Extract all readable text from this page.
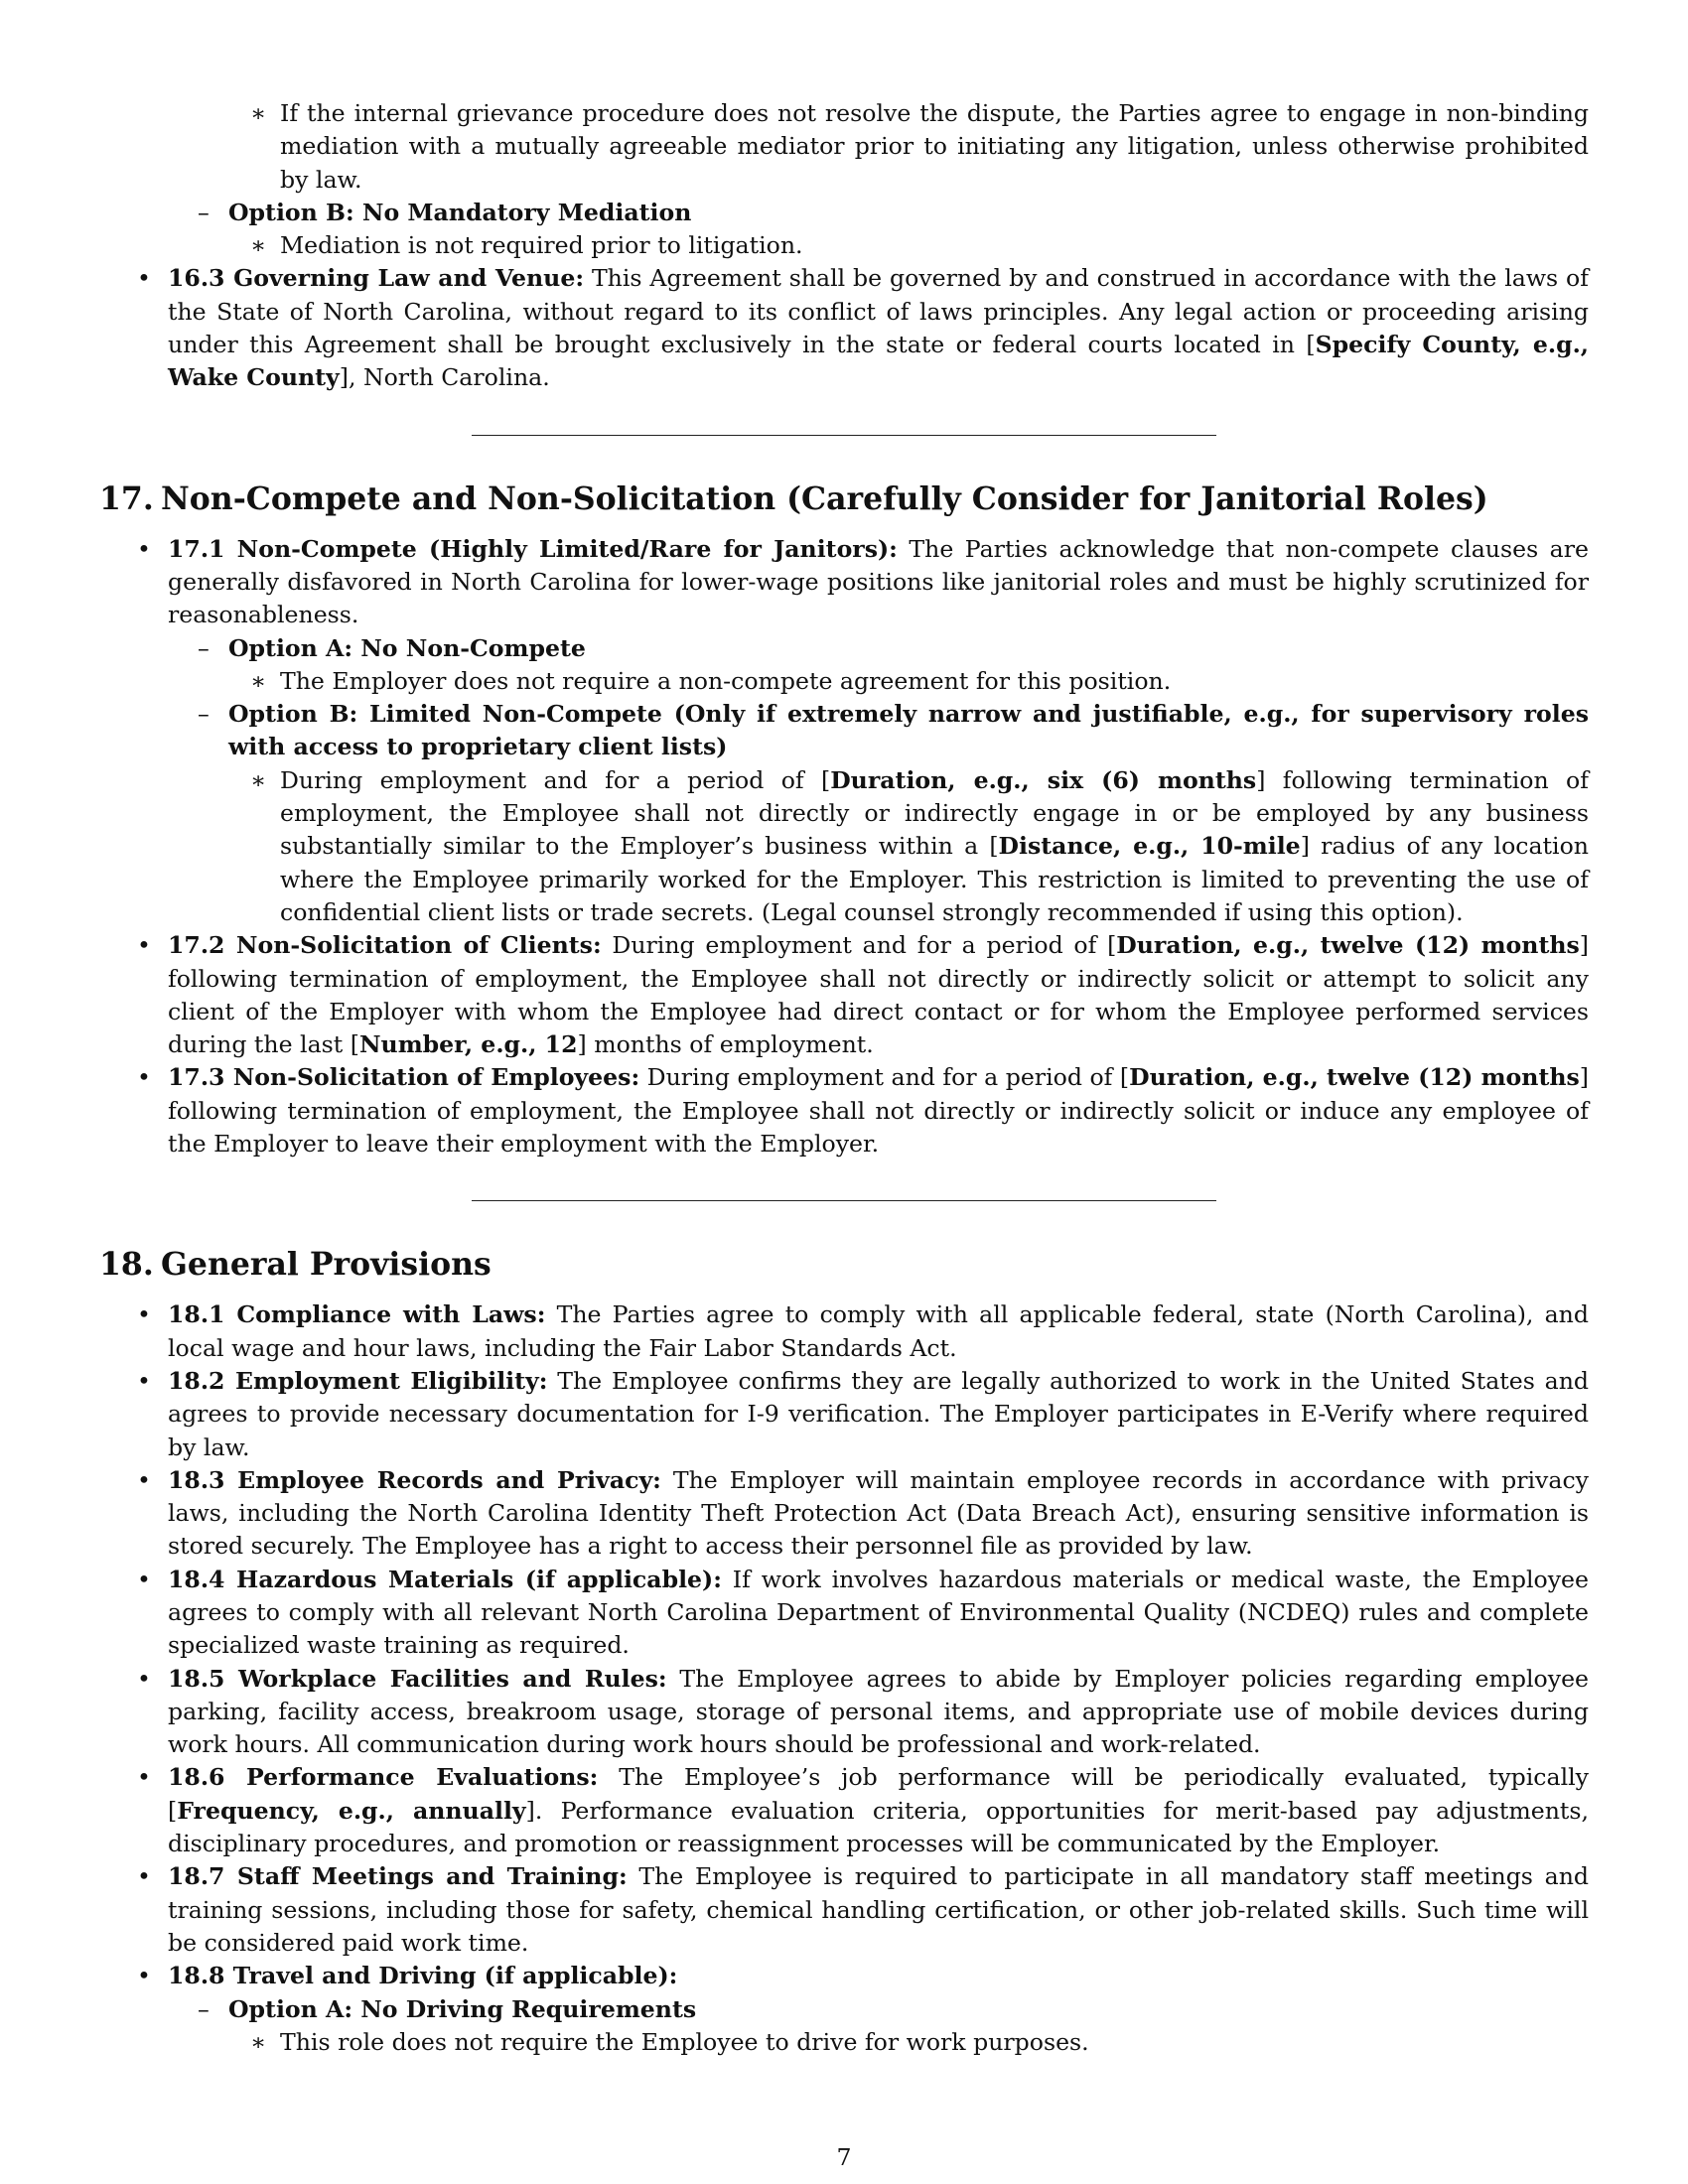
∗ If the internal grievance procedure does not resolve the dispute, the Parties agree to engage in non-binding mediation with a mutually agreeable mediator prior to initiating any litigation, unless otherwise prohibited by law.
– Option B: No Mandatory Mediation
∗ Mediation is not required prior to litigation.
• 16.3 Governing Law and Venue: This Agreement shall be governed by and construed in accordance with the laws of the State of North Carolina, without regard to its conflict of laws principles. Any legal action or proceeding arising under this Agreement shall be brought exclusively in the state or federal courts located in [Specify County, e.g., Wake County], North Carolina.
17. Non-Compete and Non-Solicitation (Carefully Consider for Janitorial Roles)
• 17.1 Non-Compete (Highly Limited/Rare for Janitors): The Parties acknowledge that non-compete clauses are generally disfavored in North Carolina for lower-wage positions like janitorial roles and must be highly scrutinized for reasonableness.
– Option A: No Non-Compete
∗ The Employer does not require a non-compete agreement for this position.
– Option B: Limited Non-Compete (Only if extremely narrow and justifiable, e.g., for supervisory roles with access to proprietary client lists)
∗ During employment and for a period of [Duration, e.g., six (6) months] following termination of employment, the Employee shall not directly or indirectly engage in or be employed by any business substantially similar to the Employer’s business within a [Distance, e.g., 10-mile] radius of any location where the Employee primarily worked for the Employer. This restriction is limited to preventing the use of confidential client lists or trade secrets. (Legal counsel strongly recommended if using this option).
• 17.2 Non-Solicitation of Clients: During employment and for a period of [Duration, e.g., twelve (12) months] following termination of employment, the Employee shall not directly or indirectly solicit or attempt to solicit any client of the Employer with whom the Employee had direct contact or for whom the Employee performed services during the last [Number, e.g., 12] months of employment.
• 17.3 Non-Solicitation of Employees: During employment and for a period of [Duration, e.g., twelve (12) months] following termination of employment, the Employee shall not directly or indirectly solicit or induce any employee of the Employer to leave their employment with the Employer.
18. General Provisions
• 18.1 Compliance with Laws: The Parties agree to comply with all applicable federal, state (North Carolina), and local wage and hour laws, including the Fair Labor Standards Act.
• 18.2 Employment Eligibility: The Employee confirms they are legally authorized to work in the United States and agrees to provide necessary documentation for I-9 verification. The Employer participates in E-Verify where required by law.
• 18.3 Employee Records and Privacy: The Employer will maintain employee records in accordance with privacy laws, including the North Carolina Identity Theft Protection Act (Data Breach Act), ensuring sensitive information is stored securely. The Employee has a right to access their personnel file as provided by law.
• 18.4 Hazardous Materials (if applicable): If work involves hazardous materials or medical waste, the Employee agrees to comply with all relevant North Carolina Department of Environmental Quality (NCDEQ) rules and complete specialized waste training as required.
• 18.5 Workplace Facilities and Rules: The Employee agrees to abide by Employer policies regarding employee parking, facility access, breakroom usage, storage of personal items, and appropriate use of mobile devices during work hours. All communication during work hours should be professional and work-related.
• 18.6 Performance Evaluations: The Employee’s job performance will be periodically evaluated, typically [Frequency, e.g., annually]. Performance evaluation criteria, opportunities for merit-based pay adjustments, disciplinary procedures, and promotion or reassignment processes will be communicated by the Employer.
• 18.7 Staff Meetings and Training: The Employee is required to participate in all mandatory staff meetings and training sessions, including those for safety, chemical handling certification, or other job-related skills. Such time will be considered paid work time.
• 18.8 Travel and Driving (if applicable):
– Option A: No Driving Requirements
∗ This role does not require the Employee to drive for work purposes.
7
